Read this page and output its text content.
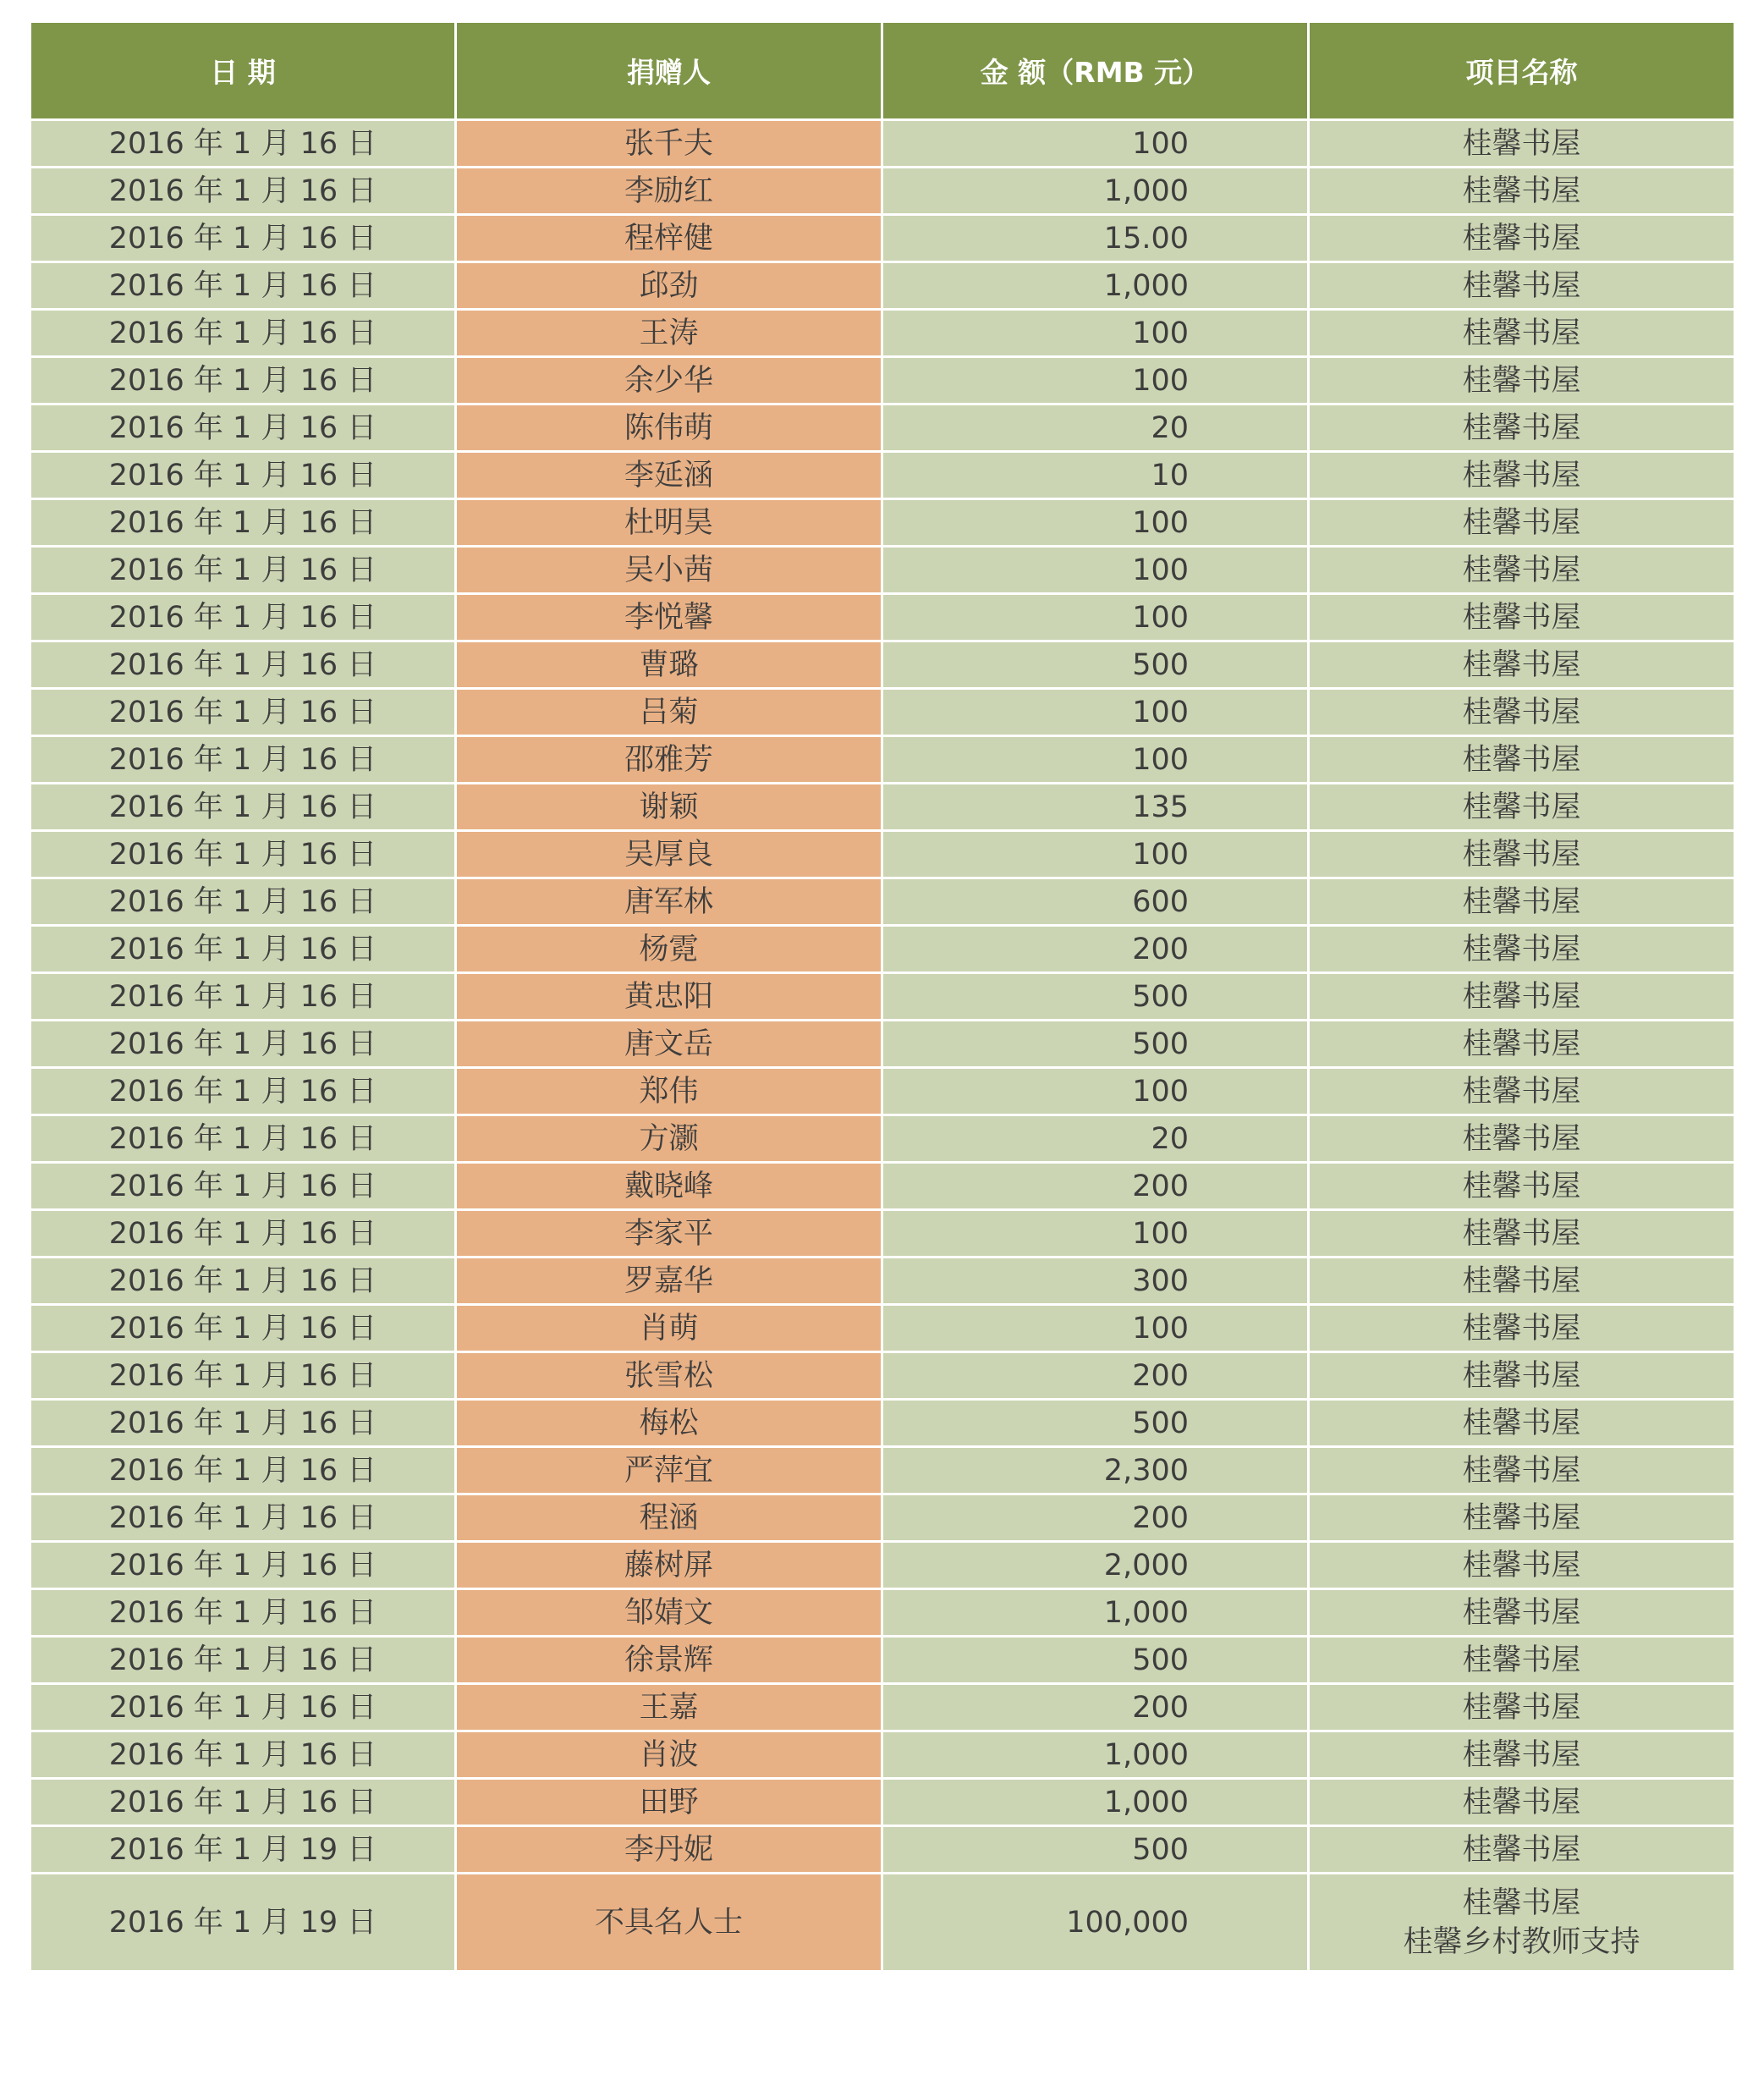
日 期	捐赠人	金 额（RMB 元）	项目名称
2016 年 1 月 16 日	张千夫	100	桂馨书屋
2016 年 1 月 16 日	李励红	1,000	桂馨书屋
2016 年 1 月 16 日	程梓健	15.00	桂馨书屋
2016 年 1 月 16 日	邱劲	1,000	桂馨书屋
2016 年 1 月 16 日	王涛	100	桂馨书屋
2016 年 1 月 16 日	余少华	100	桂馨书屋
2016 年 1 月 16 日	陈伟萌	20	桂馨书屋
2016 年 1 月 16 日	李延涵	10	桂馨书屋
2016 年 1 月 16 日	杜明昊	100	桂馨书屋
2016 年 1 月 16 日	吴小茜	100	桂馨书屋
2016 年 1 月 16 日	李悦馨	100	桂馨书屋
2016 年 1 月 16 日	曹璐	500	桂馨书屋
2016 年 1 月 16 日	吕菊	100	桂馨书屋
2016 年 1 月 16 日	邵雅芳	100	桂馨书屋
2016 年 1 月 16 日	谢颖	135	桂馨书屋
2016 年 1 月 16 日	吴厚良	100	桂馨书屋
2016 年 1 月 16 日	唐军林	600	桂馨书屋
2016 年 1 月 16 日	杨霓	200	桂馨书屋
2016 年 1 月 16 日	黄忠阳	500	桂馨书屋
2016 年 1 月 16 日	唐文岳	500	桂馨书屋
2016 年 1 月 16 日	郑伟	100	桂馨书屋
2016 年 1 月 16 日	方灏	20	桂馨书屋
2016 年 1 月 16 日	戴晓峰	200	桂馨书屋
2016 年 1 月 16 日	李家平	100	桂馨书屋
2016 年 1 月 16 日	罗嘉华	300	桂馨书屋
2016 年 1 月 16 日	肖萌	100	桂馨书屋
2016 年 1 月 16 日	张雪松	200	桂馨书屋
2016 年 1 月 16 日	梅松	500	桂馨书屋
2016 年 1 月 16 日	严萍宜	2,300	桂馨书屋
2016 年 1 月 16 日	程涵	200	桂馨书屋
2016 年 1 月 16 日	藤树屏	2,000	桂馨书屋
2016 年 1 月 16 日	邹婧文	1,000	桂馨书屋
2016 年 1 月 16 日	徐景辉	500	桂馨书屋
2016 年 1 月 16 日	王嘉	200	桂馨书屋
2016 年 1 月 16 日	肖波	1,000	桂馨书屋
2016 年 1 月 16 日	田野	1,000	桂馨书屋
2016 年 1 月 19 日	李丹妮	500	桂馨书屋
2016 年 1 月 19 日	不具名人士	100,000	桂馨书屋
桂馨乡村教师支持
